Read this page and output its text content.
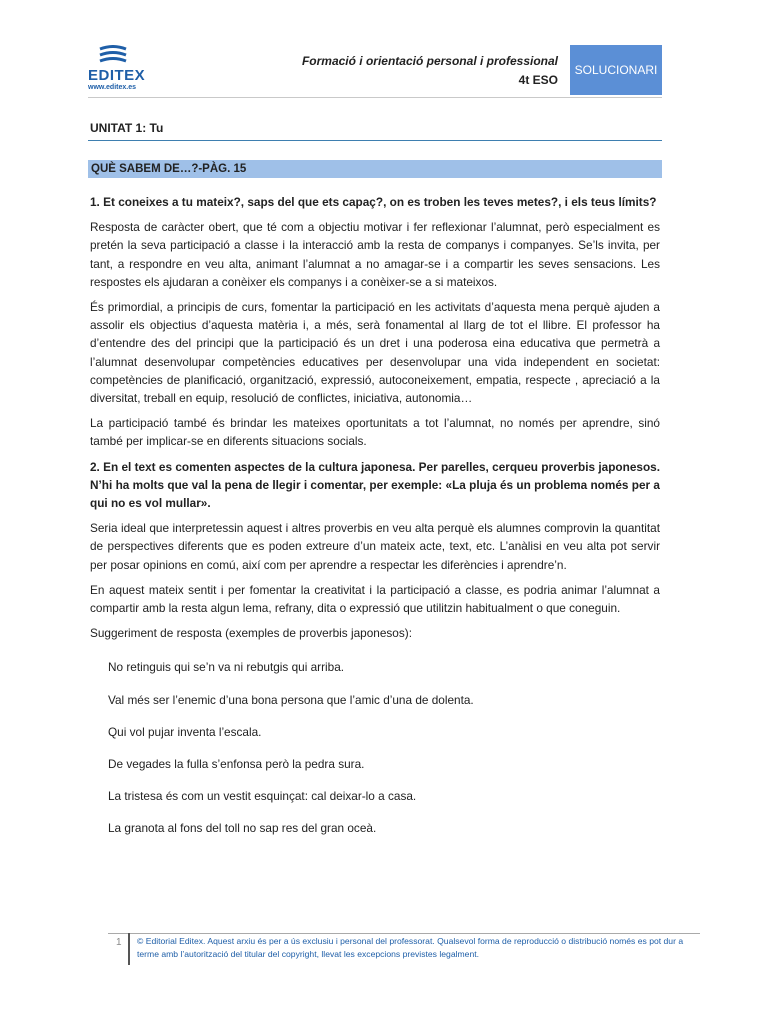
EDITEX
www.editex.es
Formació i orientació personal i professional
4t ESO
SOLUCIONARI
UNITAT 1: Tu
QUÈ SABEM DE…?-PÀG. 15

1. Et coneixes a tu mateix?, saps del que ets capaç?, on es troben les teves metes?, i els teus límits?

Resposta de caràcter obert, que té com a objectiu motivar i fer reflexionar l’alumnat, però especialment es pretén la seva participació a classe i la interacció amb la resta de companys i companyes. Se’ls invita, per tant, a respondre en veu alta, animant l’alumnat a no amagar-se i a compartir les seves sensacions. Les respostes els ajudaran a conèixer els companys i a conèixer-se a si mateixos.

És primordial, a principis de curs, fomentar la participació en les activitats d’aquesta mena perquè ajuden a assolir els objectius d’aquesta matèria i, a més, serà fonamental al llarg de tot el llibre. El professor ha d’entendre des del principi que la participació és un dret i una poderosa eina educativa que permetrà a l’alumnat desenvolupar competències educatives per desenvolupar una vida independent en societat: competències de planificació, organització, expressió, autoconeixement, empatia, respecte , apreciació a la diversitat, treball en equip, resolució de conflictes, iniciativa, autonomia…

La participació també és brindar les mateixes oportunitats a tot l’alumnat, no només per aprendre, sinó també per implicar-se en diferents situacions socials.

2. En el text es comenten aspectes de la cultura japonesa. Per parelles, cerqueu proverbis japonesos. N’hi ha molts que val la pena de llegir i comentar, per exemple: «La pluja és un problema només per a qui no es vol mullar».

Seria ideal que interpretessin aquest i altres proverbis en veu alta perquè els alumnes comprovin la quantitat de perspectives diferents que es poden extreure d’un mateix acte, text, etc. L’anàlisi en veu alta pot servir per posar opinions en comú, així com per aprendre a respectar les diferències i aprendre’n.

En aquest mateix sentit i per fomentar la creativitat i la participació a classe, es podria animar l’alumnat a compartir amb la resta algun lema, refrany, dita o expressió que utilitzin habitualment o que coneguin.

Suggeriment de resposta (exemples de proverbis japonesos):

No retinguis qui se’n va ni rebutgis qui arriba.

Val més ser l’enemic d’una bona persona que l’amic d’una de dolenta.

Qui vol pujar inventa l’escala.

De vegades la fulla s’enfonsa però la pedra sura.

La tristesa és com un vestit esquinçat: cal deixar-lo a casa.

La granota al fons del toll no sap res del gran oceà.

1 © Editorial Editex. Aquest arxiu és per a ús exclusiu i personal del professorat. Qualsevol forma de reproducció o distribució només es pot dur a terme amb l’autorització del titular del copyright, llevat les excepcions previstes legalment.
